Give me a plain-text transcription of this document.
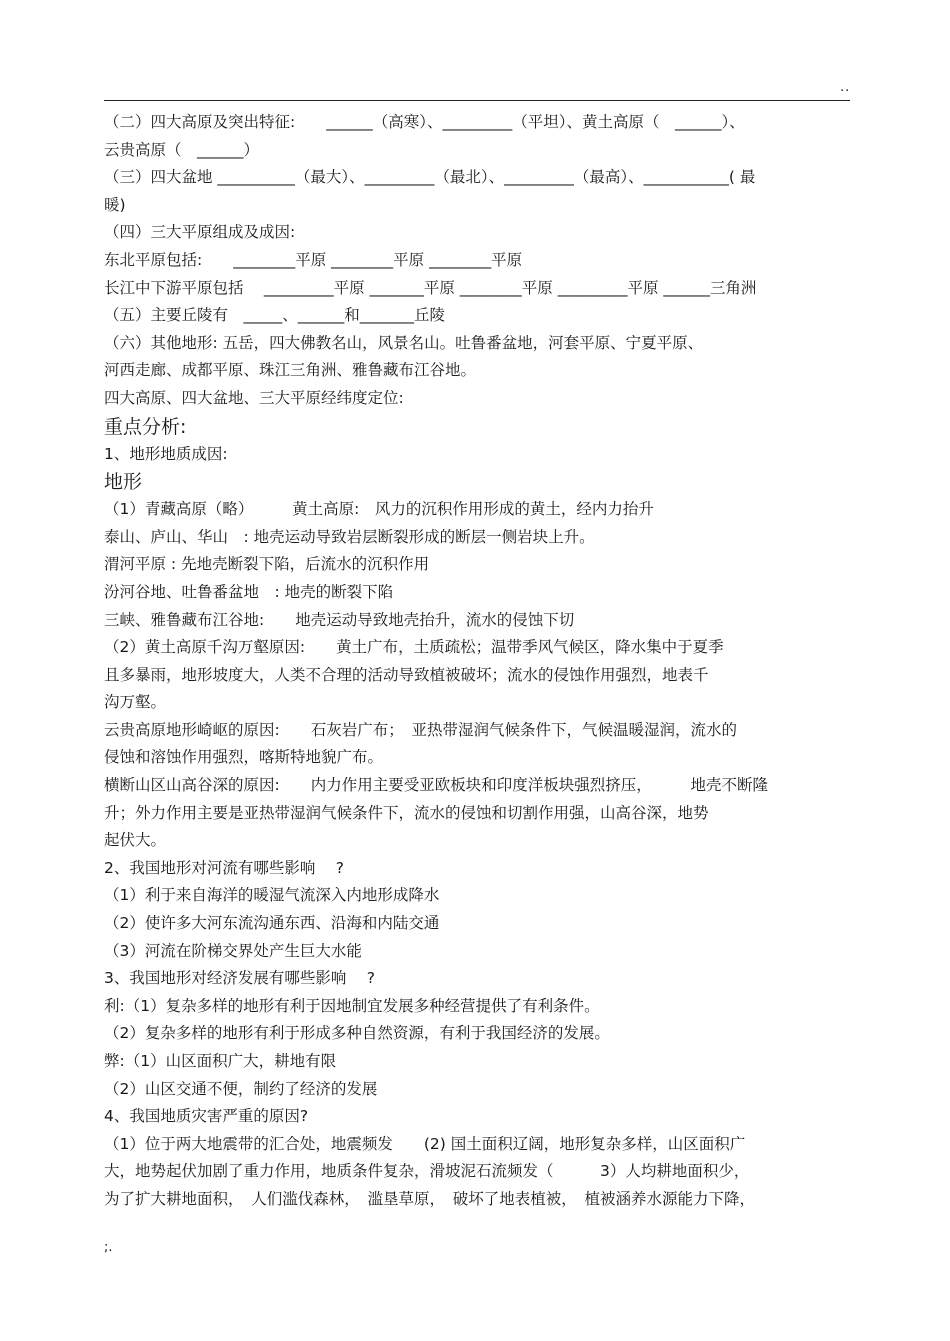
..
（二）四大高原及突出特征:　　______（高寒）、_________（平坦）、黄土高原（　______）、
云贵高原（　______）
（三）四大盆地 __________（最大）、_________（最北）、_________（最高）、___________( 最
暖)
（四）三大平原组成及成因:
东北平原包括:　　________平原 ________平原 ________平原
长江中下游平原包括　 _________平原 _______平原 ________平原 _________平原 ______三角洲
（五）主要丘陵有　_____、______和_______丘陵
（六）其他地形: 五岳，四大佛教名山，风景名山。吐鲁番盆地，河套平原、宁夏平原、
河西走廊、成都平原、珠江三角洲、雅鲁藏布江谷地。
四大高原、四大盆地、三大平原经纬度定位:
重点分析:
1、地形地质成因:
地形
（1）青藏高原（略）　　　黄土高原:　风力的沉积作用形成的黄土，经内力抬升
泰山、庐山、华山　: 地壳运动导致岩层断裂形成的断层一侧岩块上升。
渭河平原 : 先地壳断裂下陷，后流水的沉积作用
汾河谷地、吐鲁番盆地　: 地壳的断裂下陷
三峡、雅鲁藏布江谷地:　　地壳运动导致地壳抬升，流水的侵蚀下切
（2）黄土高原千沟万壑原因:　　黄土广布，土质疏松；温带季风气候区，降水集中于夏季
且多暴雨，地形坡度大，人类不合理的活动导致植被破坏；流水的侵蚀作用强烈，地表千
沟万壑。
云贵高原地形崎岖的原因:　　石灰岩广布；　亚热带湿润气候条件下，气候温暖湿润，流水的
侵蚀和溶蚀作用强烈，喀斯特地貌广布。
横断山区山高谷深的原因:　　内力作用主要受亚欧板块和印度洋板块强烈挤压，　　　地壳不断隆
升；外力作用主要是亚热带湿润气候条件下，流水的侵蚀和切割作用强，山高谷深，地势
起伏大。
2、我国地形对河流有哪些影响　 ?
（1）利于来自海洋的暖湿气流深入内地形成降水
（2）使许多大河东流沟通东西、沿海和内陆交通
（3）河流在阶梯交界处产生巨大水能
3、我国地形对经济发展有哪些影响　 ?
利:（1）复杂多样的地形有利于因地制宜发展多种经营提供了有利条件。
（2）复杂多样的地形有利于形成多种自然资源，有利于我国经济的发展。
弊:（1）山区面积广大，耕地有限
（2）山区交通不便，制约了经济的发展
4、我国地质灾害严重的原因?
（1）位于两大地震带的汇合处，地震频发　　(2) 国土面积辽阔，地形复杂多样，山区面积广
大，地势起伏加剧了重力作用，地质条件复杂，滑坡泥石流频发（　　　3）人均耕地面积少，
为了扩大耕地面积，　人们滥伐森林，　滥垦草原，　破坏了地表植被，　植被涵养水源能力下降，
;.
